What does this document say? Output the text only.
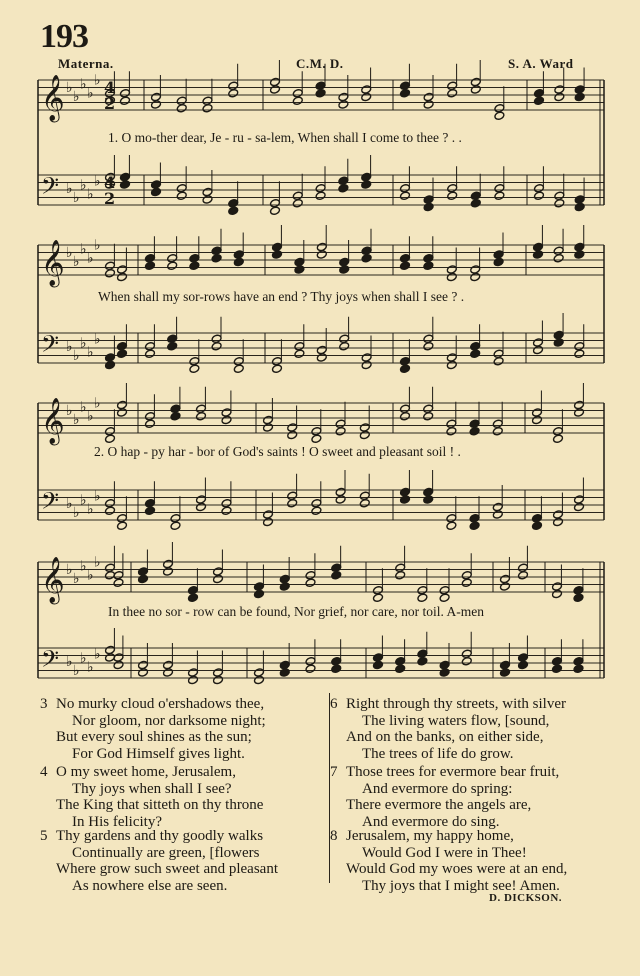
193
Materna.	C.M. D.	S. A. Ward
𝄞 ♭
♭
♭
♭
♭ 4
2
𝄢 ♭
♭
♭
♭
♭ 4
2
𝄞 ♭
♭
♭
♭
♭
𝄢 ♭
♭
♭
♭
♭
𝄞 ♭
♭
♭
♭
♭
𝄢 ♭
♭
♭
♭
♭
𝄞 ♭
♭
♭
♭
♭
𝄢 ♭
♭
♭
♭
♭
1. O mo-ther dear, Je - ru - sa-lem, When shall I come to thee ? . .
When shall my sor-rows have an end ? Thy joys when shall I see ? .
2. O hap - py har - bor of God's saints ! O sweet and pleasant soil ! .
In thee no sor - row can be found, Nor grief, nor care, nor toil. A-men
3 No murky cloud o'ershadows thee,
Nor gloom, nor darksome night;
But every soul shines as the sun;
For God Himself gives light.
4 O my sweet home, Jerusalem,
Thy joys when shall I see?
The King that sitteth on thy throne
In His felicity?
5 Thy gardens and thy goodly walks
Continually are green, [flowers
Where grow such sweet and pleasant
As nowhere else are seen.
6 Right through thy streets, with silver
The living waters flow, [sound,
And on the banks, on either side,
The trees of life do grow.
7 Those trees for evermore bear fruit,
And evermore do spring:
There evermore the angels are,
And evermore do sing.
8 Jerusalem, my happy home,
Would God I were in Thee!
Would God my woes were at an end,
Thy joys that I might see! Amen.
D. DICKSON.
